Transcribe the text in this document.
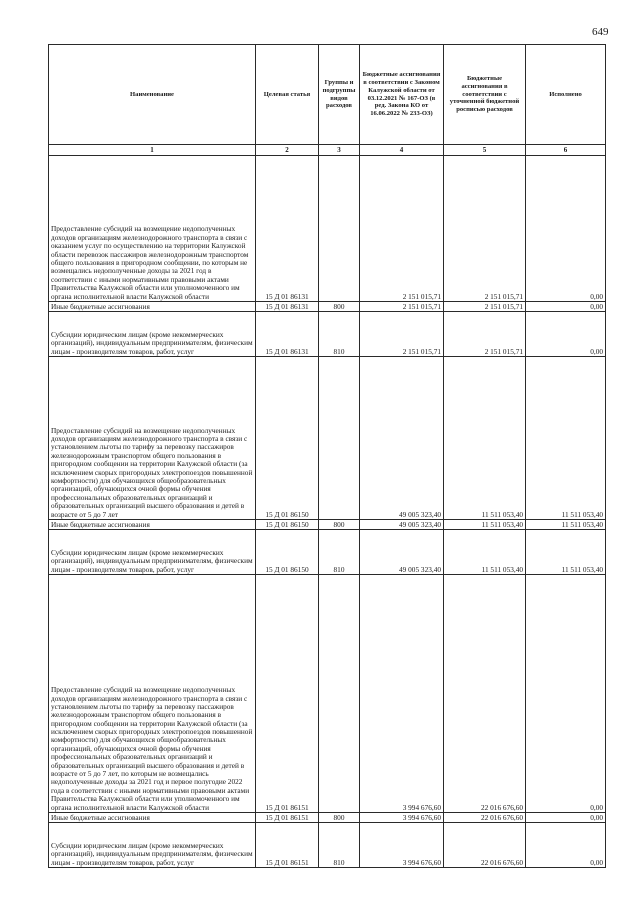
649
Наименование	Целевая статья	Группы и подгруппы видов расходов	Бюджетные ассигнования в соответствии с Законом Калужской области от 03.12.2021 № 167-ОЗ (в ред. Закона КО от 16.06.2022 № 233-ОЗ)	Бюджетные ассигнования в соответствии с уточненной бюджетной росписью расходов	Исполнено
1	2	3	4	5	6
Предоставление субсидий на возмещение недополученных доходов организациям железнодорожного транспорта в связи с оказанием услуг по осуществлению на территории Калужской области перевозок пассажиров железнодорожным транспортом общего пользования в пригородном сообщении, по которым не возмещались недополученные доходы за 2021 год в соответствии с иными нормативными правовыми актами Правительства Калужской области или уполномоченного им органа исполнительной власти Калужской области	15 Д 01 86131		2 151 015,71	2 151 015,71	0,00
Иные бюджетные ассигнования	15 Д 01 86131	800	2 151 015,71	2 151 015,71	0,00
Субсидии юридическим лицам (кроме некоммерческих организаций), индивидуальным предпринимателям, физическим лицам - производителям товаров, работ, услуг	15 Д 01 86131	810	2 151 015,71	2 151 015,71	0,00
Предоставление субсидий на возмещение недополученных доходов организациям железнодорожного транспорта в связи с установлением льготы по тарифу за перевозку пассажиров железнодорожным транспортом общего пользования в пригородном сообщении на территории Калужской области (за исключением скорых пригородных электропоездов повышенной комфортности) для обучающихся общеобразовательных организаций, обучающихся очной формы обучения профессиональных образовательных организаций и образовательных организаций высшего образования и детей в возрасте от 5 до 7 лет	15 Д 01 86150		49 005 323,40	11 511 053,40	11 511 053,40
Иные бюджетные ассигнования	15 Д 01 86150	800	49 005 323,40	11 511 053,40	11 511 053,40
Субсидии юридическим лицам (кроме некоммерческих организаций), индивидуальным предпринимателям, физическим лицам - производителям товаров, работ, услуг	15 Д 01 86150	810	49 005 323,40	11 511 053,40	11 511 053,40
Предоставление субсидий на возмещение недополученных доходов организациям железнодорожного транспорта в связи с установлением льготы по тарифу за перевозку пассажиров железнодорожным транспортом общего пользования в пригородном сообщении на территории Калужской области (за исключением скорых пригородных электропоездов повышенной комфортности) для обучающихся общеобразовательных организаций, обучающихся очной формы обучения профессиональных образовательных организаций и образовательных организаций высшего образования и детей в возрасте от 5 до 7 лет, по которым не возмещались недополученные доходы за 2021 год и первое полугодие 2022 года в соответствии с иными нормативными правовыми актами Правительства Калужской области или уполномоченного им органа исполнительной власти Калужской области	15 Д 01 86151		3 994 676,60	22 016 676,60	0,00
Иные бюджетные ассигнования	15 Д 01 86151	800	3 994 676,60	22 016 676,60	0,00
Субсидии юридическим лицам (кроме некоммерческих организаций), индивидуальным предпринимателям, физическим лицам - производителям товаров, работ, услуг	15 Д 01 86151	810	3 994 676,60	22 016 676,60	0,00
